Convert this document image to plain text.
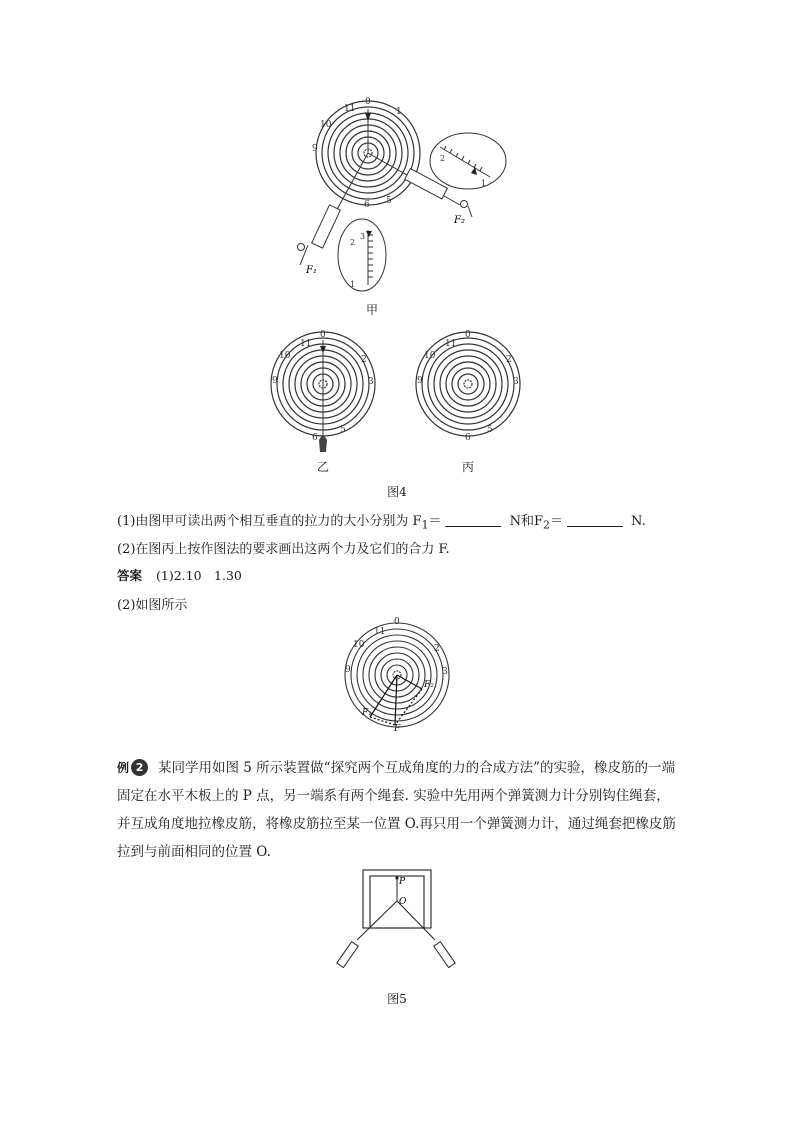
0
1
10
11
9
6 5
F₁
F₂
3
2
1
1
2
甲
0
11
10
9	3
2
6
5
乙
0
11
10
9
2
3
6
5
丙
图4
(1)由图甲可读出两个相互垂直的拉力的大小分别为 $F_1=$	N和$F_2=$	N.
(2)在图丙上按作图法的要求画出这两个力及它们的合力 F.
答案 (1)2.10　1.30
(2)如图所示
0
11
10
9
2
3
F
F₁
F₂
例 2 某同学用如图 5 所示装置做“探究两个互成角度的力的合成方法”的实验，橡皮筋的一端固定在水平木板上的 P 点，另一端系有两个绳套. 实验中先用两个弹簧测力计分别钩住绳套，并互成角度地拉橡皮筋，将橡皮筋拉至某一位置 O.再只用一个弹簧测力计，通过绳套把橡皮筋拉到与前面相同的位置 O.
P
O
图5
